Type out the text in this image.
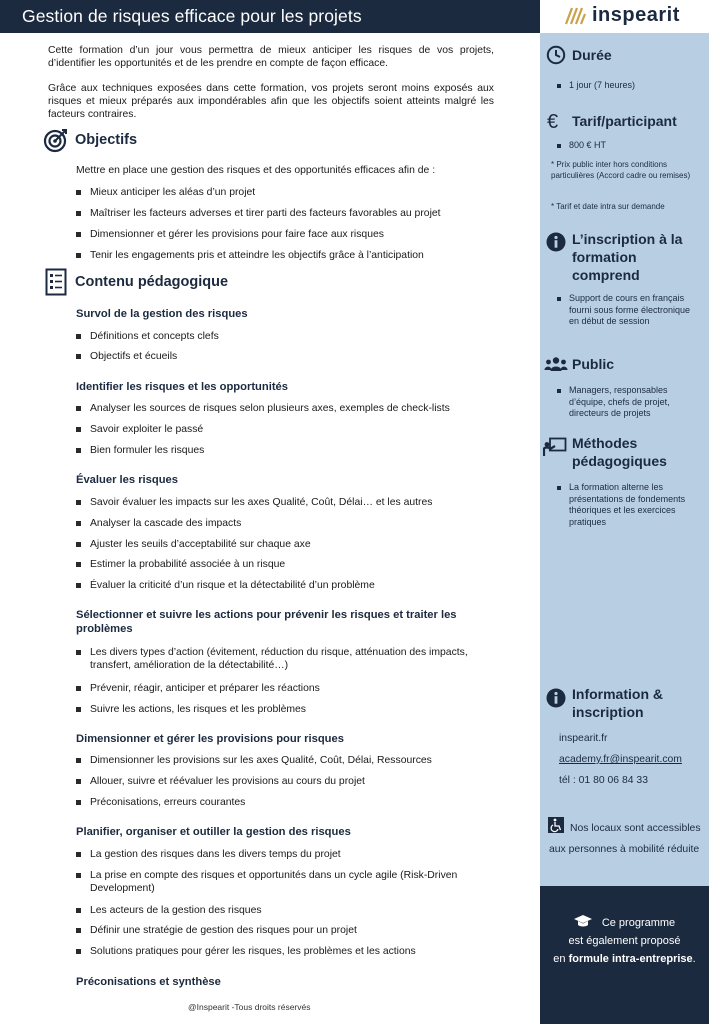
Gestion de risques efficace pour les projets	inspearit
Cette formation d’un jour vous permettra de mieux anticiper les risques de vos projets, d’identifier les opportunités et de les prendre en compte de façon efficace.
Grâce aux techniques exposées dans cette formation, vos projets seront moins exposés aux risques et mieux préparés aux impondérables afin que les objectifs soient atteints malgré les facteurs contraires.
Objectifs
Mettre en place une gestion des risques et des opportunités efficaces afin de :
Mieux anticiper les aléas d’un projet
Maîtriser les facteurs adverses et tirer parti des facteurs favorables au projet
Dimensionner et gérer les provisions pour faire face aux risques
Tenir les engagements pris et atteindre les objectifs grâce à l’anticipation
Contenu pédagogique
Survol de la gestion des risques
Définitions et concepts clefs
Objectifs et écueils
Identifier les risques et les opportunités
Analyser les sources de risques selon plusieurs axes, exemples de check-lists
Savoir exploiter le passé
Bien formuler les risques
Évaluer les risques
Savoir évaluer les impacts sur les axes Qualité, Coût, Délai… et les autres
Analyser la cascade des impacts
Ajuster les seuils d’acceptabilité sur chaque axe
Estimer la probabilité associée à un risque
Évaluer la criticité d’un risque et la détectabilité d’un problème
Sélectionner et suivre les actions pour prévenir les risques et traiter les problèmes
Les divers types d’action (évitement, réduction du risque, atténuation des impacts, transfert, amélioration de la détectabilité…)
Prévenir, réagir, anticiper et préparer les réactions
Suivre les actions, les risques et les problèmes
Dimensionner et gérer les provisions pour risques
Dimensionner les provisions sur les axes Qualité, Coût, Délai, Ressources
Allouer, suivre et réévaluer les provisions au cours du projet
Préconisations, erreurs courantes
Planifier, organiser et outiller la gestion des risques
La gestion des risques dans les divers temps du projet
La prise en compte des risques et opportunités dans un cycle agile (Risk-Driven Development)
Les acteurs de la gestion des risques
Définir une stratégie de gestion des risques pour un projet
Solutions pratiques pour gérer les risques, les problèmes et les actions
Préconisations et synthèse
@Inspearit -Tous droits réservés
Durée
1 jour (7 heures)
€ Tarif/participant
800 € HT
* Prix public inter hors conditions particulières (Accord cadre ou remises)
* Tarif et date intra sur demande
L’inscription à la formation comprend
Support de cours en français fourni sous forme électronique en début de session
Public
Managers, responsables d’équipe, chefs de projet, directeurs de projets
Méthodes pédagogiques
La formation alterne les présentations de fondements théoriques et les exercices pratiques
Information & inscription
inspearit.fr
academy.fr@inspearit.com
tél : 01 80 06 84 33
Nos locaux sont accessibles aux personnes à mobilité réduite
Ce programme
est également proposé
en formule intra-entreprise.
